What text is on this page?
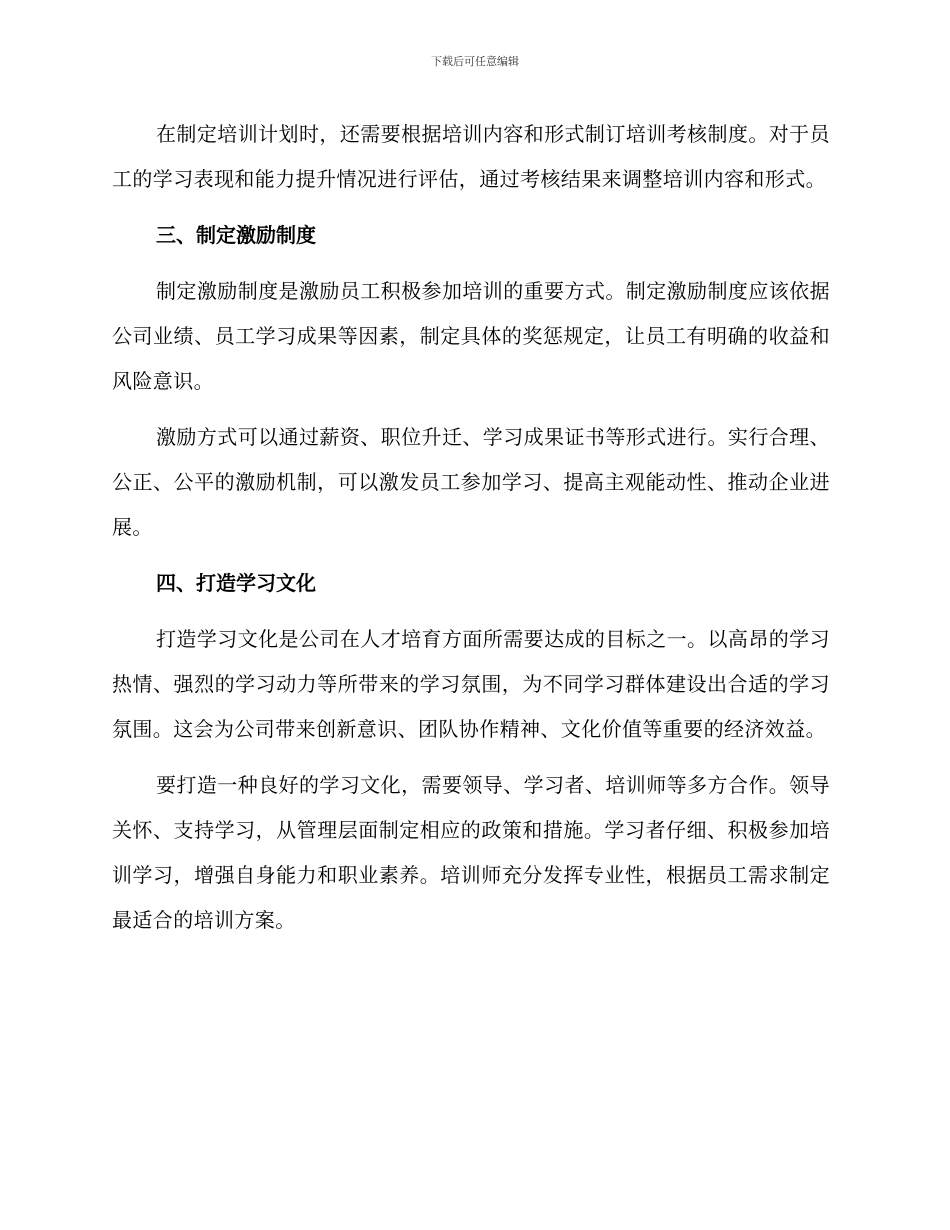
下载后可任意编辑

在制定培训计划时，还需要根据培训内容和形式制订培训考核制度。对于员工的学习表现和能力提升情况进行评估，通过考核结果来调整培训内容和形式。

三、制定激励制度

制定激励制度是激励员工积极参加培训的重要方式。制定激励制度应该依据公司业绩、员工学习成果等因素，制定具体的奖惩规定，让员工有明确的收益和风险意识。

激励方式可以通过薪资、职位升迁、学习成果证书等形式进行。实行合理、公正、公平的激励机制，可以激发员工参加学习、提高主观能动性、推动企业进展。

四、打造学习文化

打造学习文化是公司在人才培育方面所需要达成的目标之一。以高昂的学习热情、强烈的学习动力等所带来的学习氛围，为不同学习群体建设出合适的学习氛围。这会为公司带来创新意识、团队协作精神、文化价值等重要的经济效益。

要打造一种良好的学习文化，需要领导、学习者、培训师等多方合作。领导关怀、支持学习，从管理层面制定相应的政策和措施。学习者仔细、积极参加培训学习，增强自身能力和职业素养。培训师充分发挥专业性，根据员工需求制定最适合的培训方案。
